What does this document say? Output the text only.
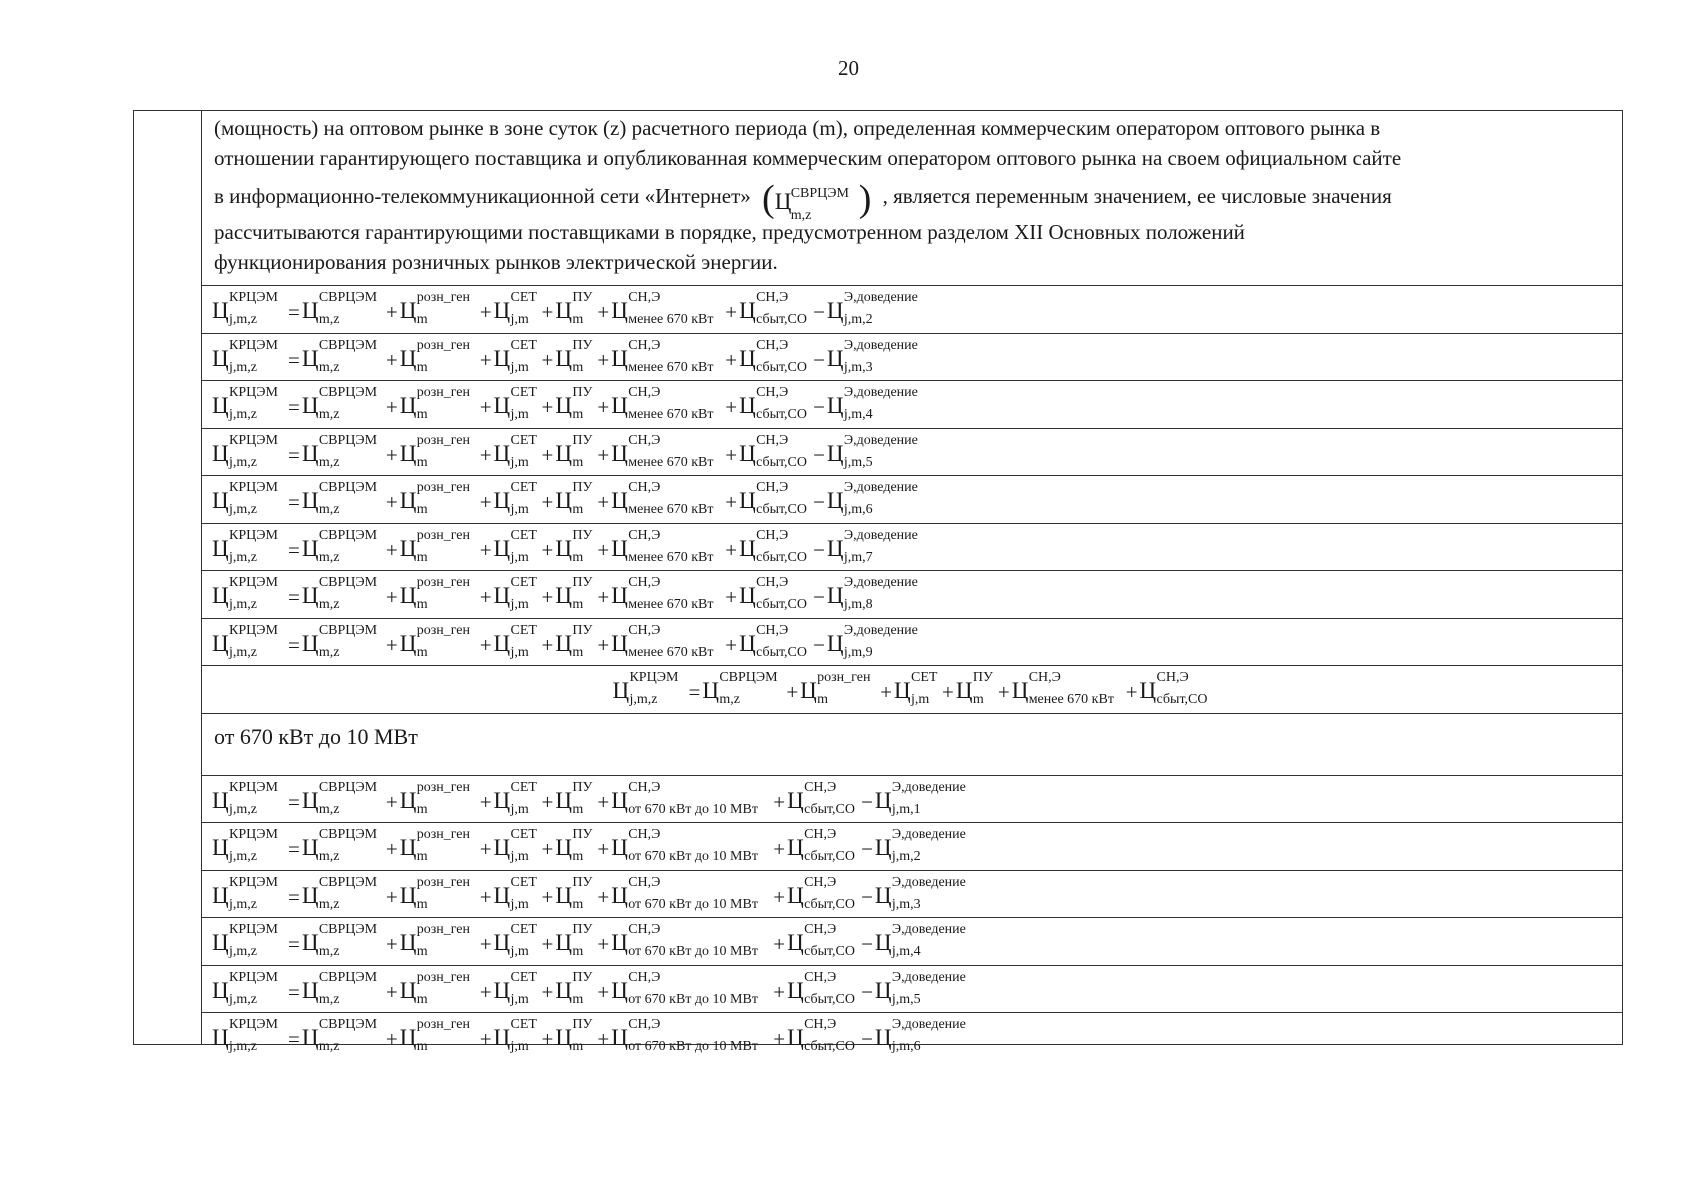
20
(мощность) на оптовом рынке в зоне суток (z) расчетного периода (m), определенная коммерческим оператором оптового рынка в
отношении гарантирующего поставщика и опубликованная коммерческим оператором оптового рынка на своем официальном сайте
в информационно-телекоммуникационной сети «Интернет» ( Ц СВРЦЭМ
m,z ) , является переменным значением, ее числовые значения
рассчитываются гарантирующими поставщиками в порядке, предусмотренном разделом XII Основных положений
функционирования розничных рынков электрической энергии.
Ц
КРЦЭМ
j,m,z = Ц
СВРЦЭМ
m,z + Ц
розн_ген
m + Ц
СЕТ
j,m + Ц
ПУ
m + Ц
СН,Э
менее 670 кВт + Ц
СН,Э
сбыт,СО − Ц
Э,доведение
j,m,2
Ц
КРЦЭМ
j,m,z = Ц
СВРЦЭМ
m,z + Ц
розн_ген
m + Ц
СЕТ
j,m + Ц
ПУ
m + Ц
СН,Э
менее 670 кВт + Ц
СН,Э
сбыт,СО − Ц
Э,доведение
j,m,3
Ц
КРЦЭМ
j,m,z = Ц
СВРЦЭМ
m,z + Ц
розн_ген
m + Ц
СЕТ
j,m + Ц
ПУ
m + Ц
СН,Э
менее 670 кВт + Ц
СН,Э
сбыт,СО − Ц
Э,доведение
j,m,4
Ц
КРЦЭМ
j,m,z = Ц
СВРЦЭМ
m,z + Ц
розн_ген
m + Ц
СЕТ
j,m + Ц
ПУ
m + Ц
СН,Э
менее 670 кВт + Ц
СН,Э
сбыт,СО − Ц
Э,доведение
j,m,5
Ц
КРЦЭМ
j,m,z = Ц
СВРЦЭМ
m,z + Ц
розн_ген
m + Ц
СЕТ
j,m + Ц
ПУ
m + Ц
СН,Э
менее 670 кВт + Ц
СН,Э
сбыт,СО − Ц
Э,доведение
j,m,6
Ц
КРЦЭМ
j,m,z = Ц
СВРЦЭМ
m,z + Ц
розн_ген
m + Ц
СЕТ
j,m + Ц
ПУ
m + Ц
СН,Э
менее 670 кВт + Ц
СН,Э
сбыт,СО − Ц
Э,доведение
j,m,7
Ц
КРЦЭМ
j,m,z = Ц
СВРЦЭМ
m,z + Ц
розн_ген
m + Ц
СЕТ
j,m + Ц
ПУ
m + Ц
СН,Э
менее 670 кВт + Ц
СН,Э
сбыт,СО − Ц
Э,доведение
j,m,8
Ц
КРЦЭМ
j,m,z = Ц
СВРЦЭМ
m,z + Ц
розн_ген
m + Ц
СЕТ
j,m + Ц
ПУ
m + Ц
СН,Э
менее 670 кВт + Ц
СН,Э
сбыт,СО − Ц
Э,доведение
j,m,9
Ц
КРЦЭМ
j,m,z = Ц
СВРЦЭМ
m,z + Ц
розн_ген
m + Ц
СЕТ
j,m + Ц
ПУ
m + Ц
СН,Э
менее 670 кВт + Ц
СН,Э
сбыт,СО
от 670 кВт до 10 МВт
Ц
КРЦЭМ
j,m,z = Ц
СВРЦЭМ
m,z + Ц
розн_ген
m + Ц
СЕТ
j,m + Ц
ПУ
m + Ц
СН,Э
от 670 кВт до 10 МВт + Ц
СН,Э
сбыт,СО − Ц
Э,доведение
j,m,1
Ц
КРЦЭМ
j,m,z = Ц
СВРЦЭМ
m,z + Ц
розн_ген
m + Ц
СЕТ
j,m + Ц
ПУ
m + Ц
СН,Э
от 670 кВт до 10 МВт + Ц
СН,Э
сбыт,СО − Ц
Э,доведение
j,m,2
Ц
КРЦЭМ
j,m,z = Ц
СВРЦЭМ
m,z + Ц
розн_ген
m + Ц
СЕТ
j,m + Ц
ПУ
m + Ц
СН,Э
от 670 кВт до 10 МВт + Ц
СН,Э
сбыт,СО − Ц
Э,доведение
j,m,3
Ц
КРЦЭМ
j,m,z = Ц
СВРЦЭМ
m,z + Ц
розн_ген
m + Ц
СЕТ
j,m + Ц
ПУ
m + Ц
СН,Э
от 670 кВт до 10 МВт + Ц
СН,Э
сбыт,СО − Ц
Э,доведение
j,m,4
Ц
КРЦЭМ
j,m,z = Ц
СВРЦЭМ
m,z + Ц
розн_ген
m + Ц
СЕТ
j,m + Ц
ПУ
m + Ц
СН,Э
от 670 кВт до 10 МВт + Ц
СН,Э
сбыт,СО − Ц
Э,доведение
j,m,5
Ц
КРЦЭМ
j,m,z = Ц
СВРЦЭМ
m,z + Ц
розн_ген
m + Ц
СЕТ
j,m + Ц
ПУ
m + Ц
СН,Э
от 670 кВт до 10 МВт + Ц
СН,Э
сбыт,СО − Ц
Э,доведение
j,m,6
